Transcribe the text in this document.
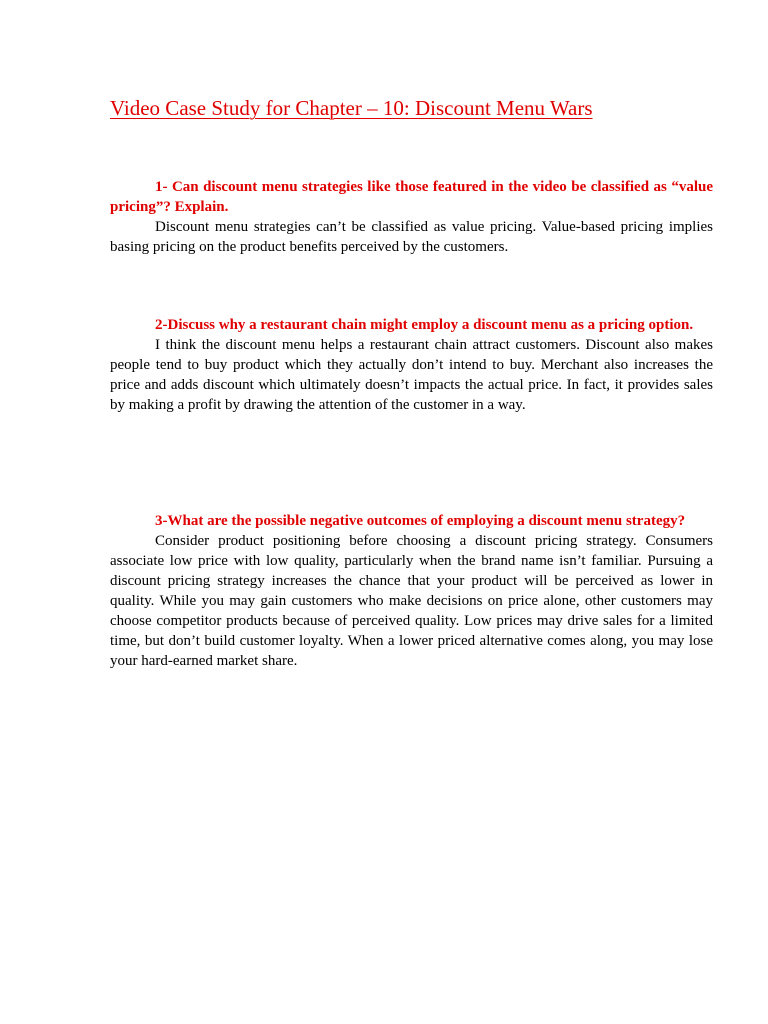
Video Case Study for Chapter – 10: Discount Menu Wars

1- Can discount menu strategies like those featured in the video be classified as “value pricing”? Explain.

Discount menu strategies can’t be classified as value pricing. Value-based pricing implies basing pricing on the product benefits perceived by the customers.

2-Discuss why a restaurant chain might employ a discount menu as a pricing option.

I think the discount menu helps a restaurant chain attract customers. Discount also makes people tend to buy product which they actually don’t intend to buy. Merchant also increases the price and adds discount which ultimately doesn’t impacts the actual price. In fact, it provides sales by making a profit by drawing the attention of the customer in a way.

3-What are the possible negative outcomes of employing a discount menu strategy?

Consider product positioning before choosing a discount pricing strategy. Consumers associate low price with low quality, particularly when the brand name isn’t familiar. Pursuing a discount pricing strategy increases the chance that your product will be perceived as lower in quality. While you may gain customers who make decisions on price alone, other customers may choose competitor products because of perceived quality. Low prices may drive sales for a limited time, but don’t build customer loyalty. When a lower priced alternative comes along, you may lose your hard-earned market share.
